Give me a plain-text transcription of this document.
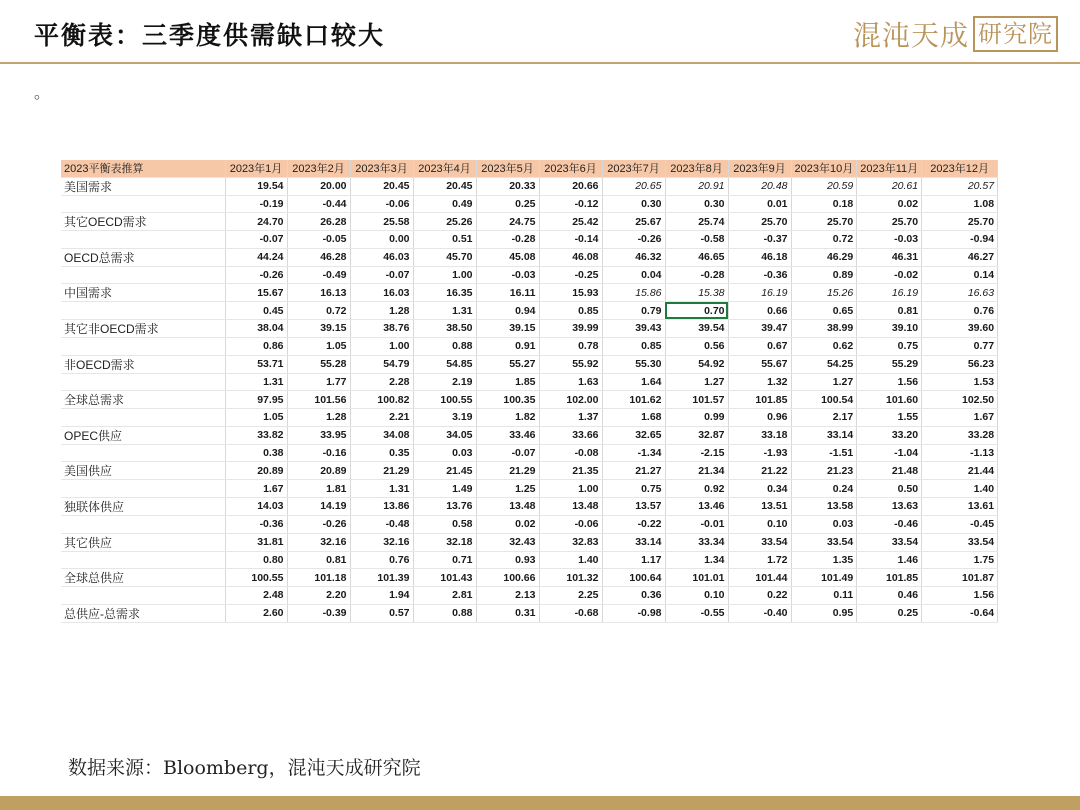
平衡表：三季度供需缺口较大	混沌天成 研究院
。
2023平衡表推算	2023年1月	2023年2月	2023年3月	2023年4月	2023年5月	2023年6月	2023年7月	2023年8月	2023年9月	2023年10月	2023年11月	2023年12月
美国需求	19.54	20.00	20.45	20.45	20.33	20.66	20.65	20.91	20.48	20.59	20.61	20.57
	-0.19	-0.44	-0.06	0.49	0.25	-0.12	0.30	0.30	0.01	0.18	0.02	1.08
其它OECD需求	24.70	26.28	25.58	25.26	24.75	25.42	25.67	25.74	25.70	25.70	25.70	25.70
	-0.07	-0.05	0.00	0.51	-0.28	-0.14	-0.26	-0.58	-0.37	0.72	-0.03	-0.94
OECD总需求	44.24	46.28	46.03	45.70	45.08	46.08	46.32	46.65	46.18	46.29	46.31	46.27
	-0.26	-0.49	-0.07	1.00	-0.03	-0.25	0.04	-0.28	-0.36	0.89	-0.02	0.14
中国需求	15.67	16.13	16.03	16.35	16.11	15.93	15.86	15.38	16.19	15.26	16.19	16.63
	0.45	0.72	1.28	1.31	0.94	0.85	0.79	0.70	0.66	0.65	0.81	0.76
其它非OECD需求	38.04	39.15	38.76	38.50	39.15	39.99	39.43	39.54	39.47	38.99	39.10	39.60
	0.86	1.05	1.00	0.88	0.91	0.78	0.85	0.56	0.67	0.62	0.75	0.77
非OECD需求	53.71	55.28	54.79	54.85	55.27	55.92	55.30	54.92	55.67	54.25	55.29	56.23
	1.31	1.77	2.28	2.19	1.85	1.63	1.64	1.27	1.32	1.27	1.56	1.53
全球总需求	97.95	101.56	100.82	100.55	100.35	102.00	101.62	101.57	101.85	100.54	101.60	102.50
	1.05	1.28	2.21	3.19	1.82	1.37	1.68	0.99	0.96	2.17	1.55	1.67
OPEC供应	33.82	33.95	34.08	34.05	33.46	33.66	32.65	32.87	33.18	33.14	33.20	33.28
	0.38	-0.16	0.35	0.03	-0.07	-0.08	-1.34	-2.15	-1.93	-1.51	-1.04	-1.13
美国供应	20.89	20.89	21.29	21.45	21.29	21.35	21.27	21.34	21.22	21.23	21.48	21.44
	1.67	1.81	1.31	1.49	1.25	1.00	0.75	0.92	0.34	0.24	0.50	1.40
独联体供应	14.03	14.19	13.86	13.76	13.48	13.48	13.57	13.46	13.51	13.58	13.63	13.61
	-0.36	-0.26	-0.48	0.58	0.02	-0.06	-0.22	-0.01	0.10	0.03	-0.46	-0.45
其它供应	31.81	32.16	32.16	32.18	32.43	32.83	33.14	33.34	33.54	33.54	33.54	33.54
	0.80	0.81	0.76	0.71	0.93	1.40	1.17	1.34	1.72	1.35	1.46	1.75
全球总供应	100.55	101.18	101.39	101.43	100.66	101.32	100.64	101.01	101.44	101.49	101.85	101.87
	2.48	2.20	1.94	2.81	2.13	2.25	0.36	0.10	0.22	0.11	0.46	1.56
总供应-总需求	2.60	-0.39	0.57	0.88	0.31	-0.68	-0.98	-0.55	-0.40	0.95	0.25	-0.64
数据来源：Bloomberg，混沌天成研究院
